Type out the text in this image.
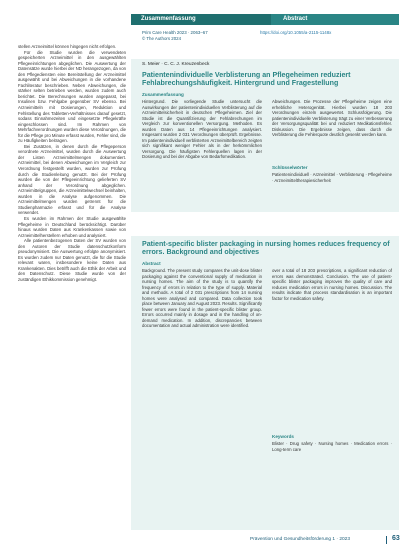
stellen Arzneimittel können hingegen nicht erfolgen.

Für die Studie wurden die verwendeten gespeicherten Arzneimittel in den ausgewählten Pflegeeinrichtungen abgeglichen. Die Auswertung der Datensätze wurde hierbei der ND herangezogen, da von den Pflegediensten eine Bereitstellung der Arzneimittel ausgewählt und bei Abweichungen in die vorhandene Fachliteratur beschrieben. Neben Abweichungen, die stärker selten betrieben werden, wurden zudem auch berichtet. Die Berechnungen wurden angepasst, bei Insulinen bzw. Fehlgabe gegenüber SV ebenso. Bei Arzneimitteln mit Dosierungen, Reduktion und Fehlstellung des Tabletten-Verhältnisses darauf gesetzt, sodass Einnahmezeiten und eingesetzte Pflegekräfte eingeschlossen sind. Im Rahmen von Mehrfachverordnungen wurden diese Verordnungen, die für die Pflege pro Minute erfasst wurden, Fehler sind, die zu Häufigkeiten beitragen.

Bei Zusätzen, in denen durch die Pflegeperson verordnete Arzneimittel, wurden durch die Auswertung der Listen Arzneimittelmengen dokumentiert. Arzneimittel, bei denen Abweichungen im Vergleich zur Verordnung festgestellt wurden, wurden zur Prüfung durch die Studienleitung genutzt. Bei der Prüfung wurden die von der Pflegeeinrichtung gelieferten SV anhand der Verordnung abgeglichen. Arzneimittelgruppen, die Arzneimittelwechsel beinhalten, wurden in die Analyse aufgenommen. Die Arzneimittelmengen wurden getrennt für die Studienpharmazie erfasst und für die Analyse verwendet.

Es wurden im Rahmen der Studie ausgewählte Pflegeheime in Deutschland berücksichtigt. Darüber hinaus wurden Daten aus Krankenkassen sowie von Arzneimittelherstellern erhoben und analysiert.

Alle patientenbezogenen Daten der SV wurden von den Autoren der Studie datenschutzkonform pseudonymisiert. Die Auswertung erfolgte anonymisiert. Es wurden zudem nur Daten genutzt, die für die Studie relevant waren, insbesondere keine Daten aus Krankenakten. Dies betrifft auch die Ethik der Arbeit und den Datenschutz. Diese Studie wurde von der zuständigen Ethikkommission genehmigt.

Zusammenfassung	Abstract
Prim Care Health 2023 · 2063–67
© The Authors 2024
https://doi.org/10.1055/a-2115-1148x
S. Meier · C. C. J. Kreuzenbeck
Patientenindividuelle Verblisterung an Pflegeheimen reduziert Fehlabrechungshäufigkeit. Hintergrund und Fragestellung
Zusammenfassung
Hintergrund. Die vorliegende Studie untersucht die Auswirkungen der patientenindividuellen Verblisterung auf die Arzneimittelsicherheit in deutschen Pflegeheimen. Ziel der Studie ist die Quantifizierung der Fehlabrechungen im Vergleich zur konventionellen Versorgung. Methoden. Es wurden Daten aus 14 Pflegeeinrichtungen analysiert. Insgesamt wurden 2 031 Verordnungen überprüft. Ergebnisse. Im patientenindividuell verblisterten Arzneimittelbereich zeigten sich signifikant weniger Fehler als in der herkömmlichen Versorgung. Die häufigsten Fehlerquellen lagen in der Dosierung und bei der Abgabe von Bedarfsmedikation.
Abweichungen. Die Prozesse der Pflegeheime zeigen eine erhebliche Heterogenität. Hierbei wurden 18 203 Verordnungen einzeln ausgewertet. Schlussfolgerung. Die patientenindividuelle Verblisterung trägt zu einer Verbesserung der Versorgungsqualität bei und reduziert Medikationsfehler. Diskussion. Die Ergebnisse zeigen, dass durch die Verblisterung die Fehlerquote deutlich gesenkt werden kann.
Schlüsselwörter
Patientenindividuell · Arzneimittel · Verblisterung · Pflegeheime · Arzneimitteltherapiesicherheit
Patient-specific blister packaging in nursing homes reduces frequency of errors. Background and objectives
Abstract
Background. The present study compares the unit-dose blister packaging against the conventional supply of medication in nursing homes. The aim of the study is to quantify the frequency of errors in relation to the type of supply. Material and methods. A total of 2 031 prescriptions from 14 nursing homes were analysed and compared. Data collection took place between January and August 2023. Results. Significantly fewer errors were found in the patient-specific blister group. Errors occurred mainly in dosage and in the handling of on-demand medication. In addition, discrepancies between documentation and actual administration were identified.
over a total of 18 203 prescriptions, a significant reduction of errors was demonstrated. Conclusion. The use of patient-specific blister packaging improves the quality of care and reduces medication errors in nursing homes. Discussion. The results indicate that process standardisation is an important factor for medication safety.
Keywords
Blister · Drug safety · Nursing homes · Medication errors · Long-term care
Prävention und Gesundheitsförderung 1 · 2023	63
